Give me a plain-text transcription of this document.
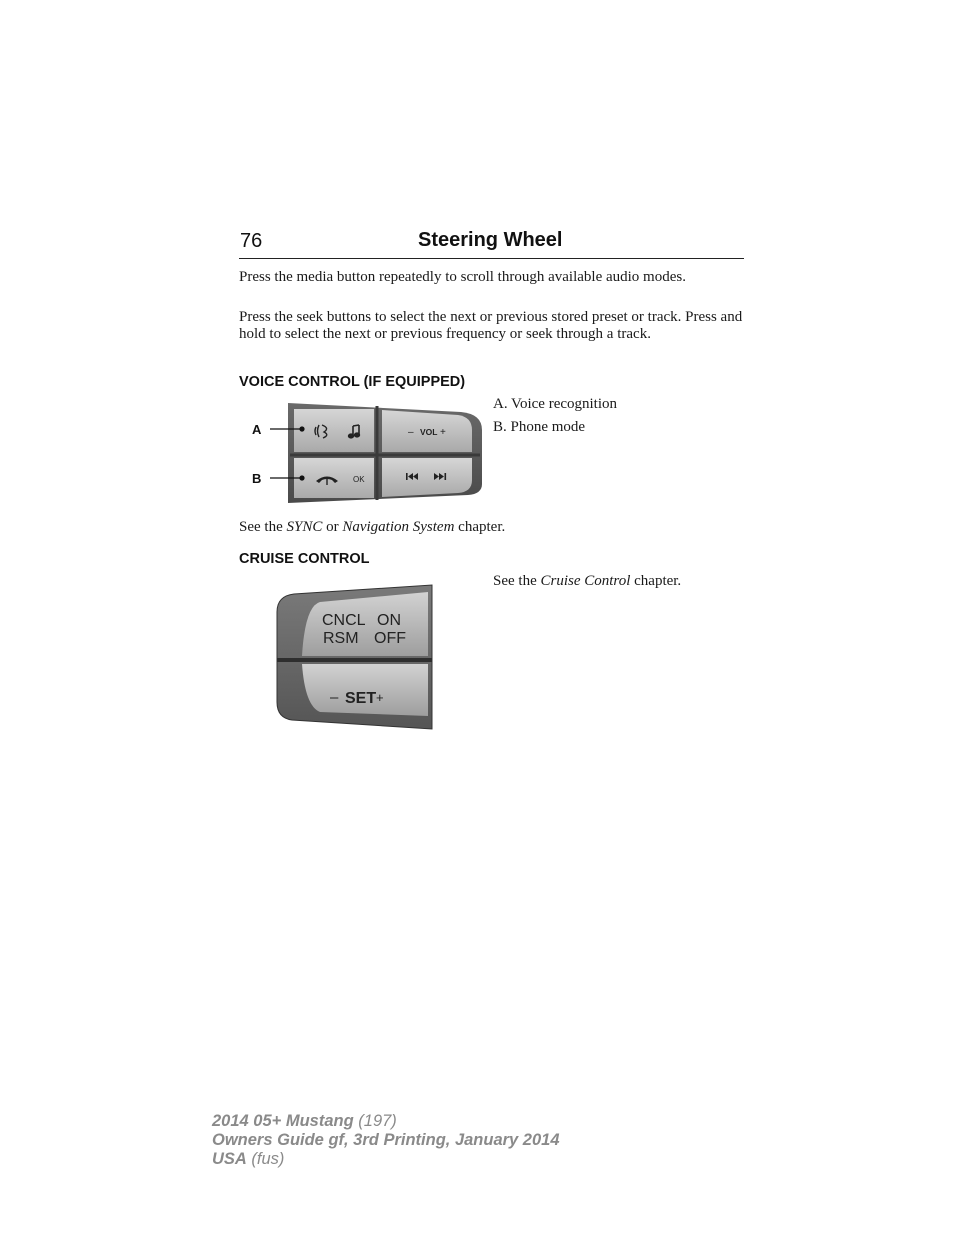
76	Steering Wheel
Press the media button repeatedly to scroll through available audio modes.
Press the seek buttons to select the next or previous stored preset or track. Press and hold to select the next or previous frequency or seek through a track.
VOICE CONTROL (IF EQUIPPED)
– VOL +
OK
A
B
A. Voice recognition
B. Phone mode
See the SYNC or Navigation System chapter.
CRUISE CONTROL
See the Cruise Control chapter.
CNCL ON
RSM OFF
– SET +
2014 05+ Mustang (197)
Owners Guide gf, 3rd Printing, January 2014
USA (fus)
